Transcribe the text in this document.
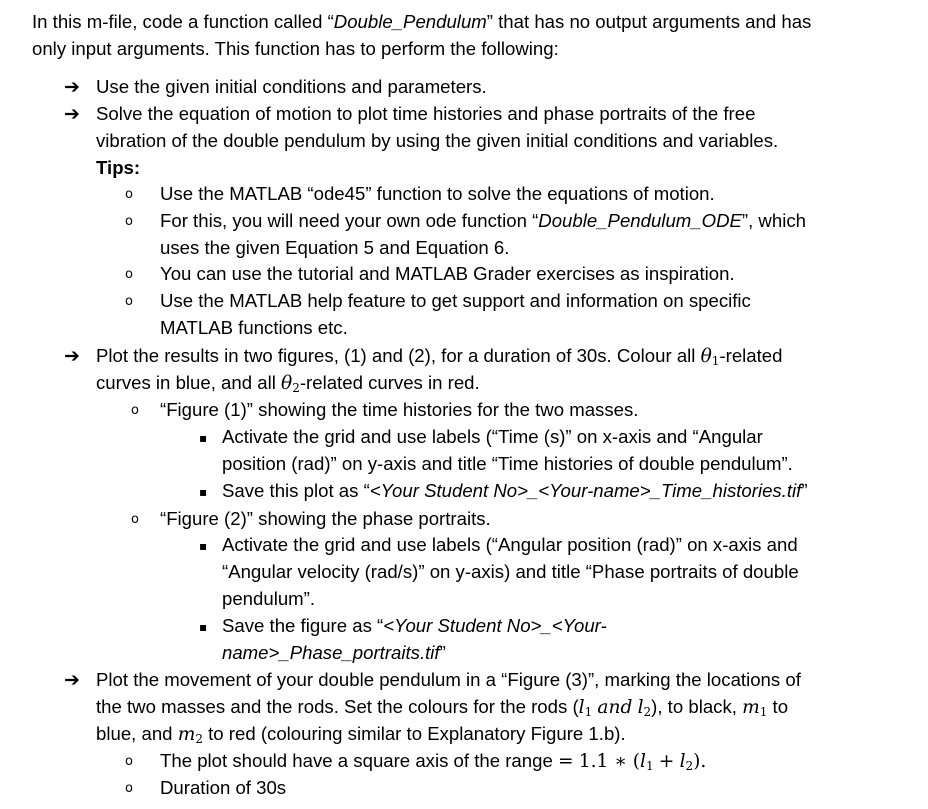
In this m-file, code a function called “Double_Pendulum” that has no output arguments and has
only input arguments. This function has to perform the following:
➔ Use the given initial conditions and parameters.
➔ Solve the equation of motion to plot time histories and phase portraits of the free
vibration of the double pendulum by using the given initial conditions and variables.
Tips:
o Use the MATLAB “ode45” function to solve the equations of motion.
o For this, you will need your own ode function “Double_Pendulum_ODE”, which
uses the given Equation 5 and Equation 6.
o You can use the tutorial and MATLAB Grader exercises as inspiration.
o Use the MATLAB help feature to get support and information on specific
MATLAB functions etc.
➔ Plot the results in two figures, (1) and (2), for a duration of 30s. Colour all $\theta_1$-related
curves in blue, and all $\theta_2$-related curves in red.
o “Figure (1)” showing the time histories for the two masses.
▪ Activate the grid and use labels (“Time (s)” on x-axis and “Angular
position (rad)” on y-axis and title “Time histories of double pendulum”.
▪ Save this plot as “<Your Student No>_<Your-name>_Time_histories.tif”
o “Figure (2)” showing the phase portraits.
▪ Activate the grid and use labels (“Angular position (rad)” on x-axis and
“Angular velocity (rad/s)” on y-axis) and title “Phase portraits of double
pendulum”.
▪ Save the figure as “<Your Student No>_<Your-
name>_Phase_portraits.tif”
➔ Plot the movement of your double pendulum in a “Figure (3)”, marking the locations of
the two masses and the rods. Set the colours for the rods ($l_1$ and $l_2$), to black, $m_1$ to
blue, and $m_2$ to red (colouring similar to Explanatory Figure 1.b).
o The plot should have a square axis of the range = 1.1 ∗ $(l_1 + l_2)$.
o Duration of 30s
